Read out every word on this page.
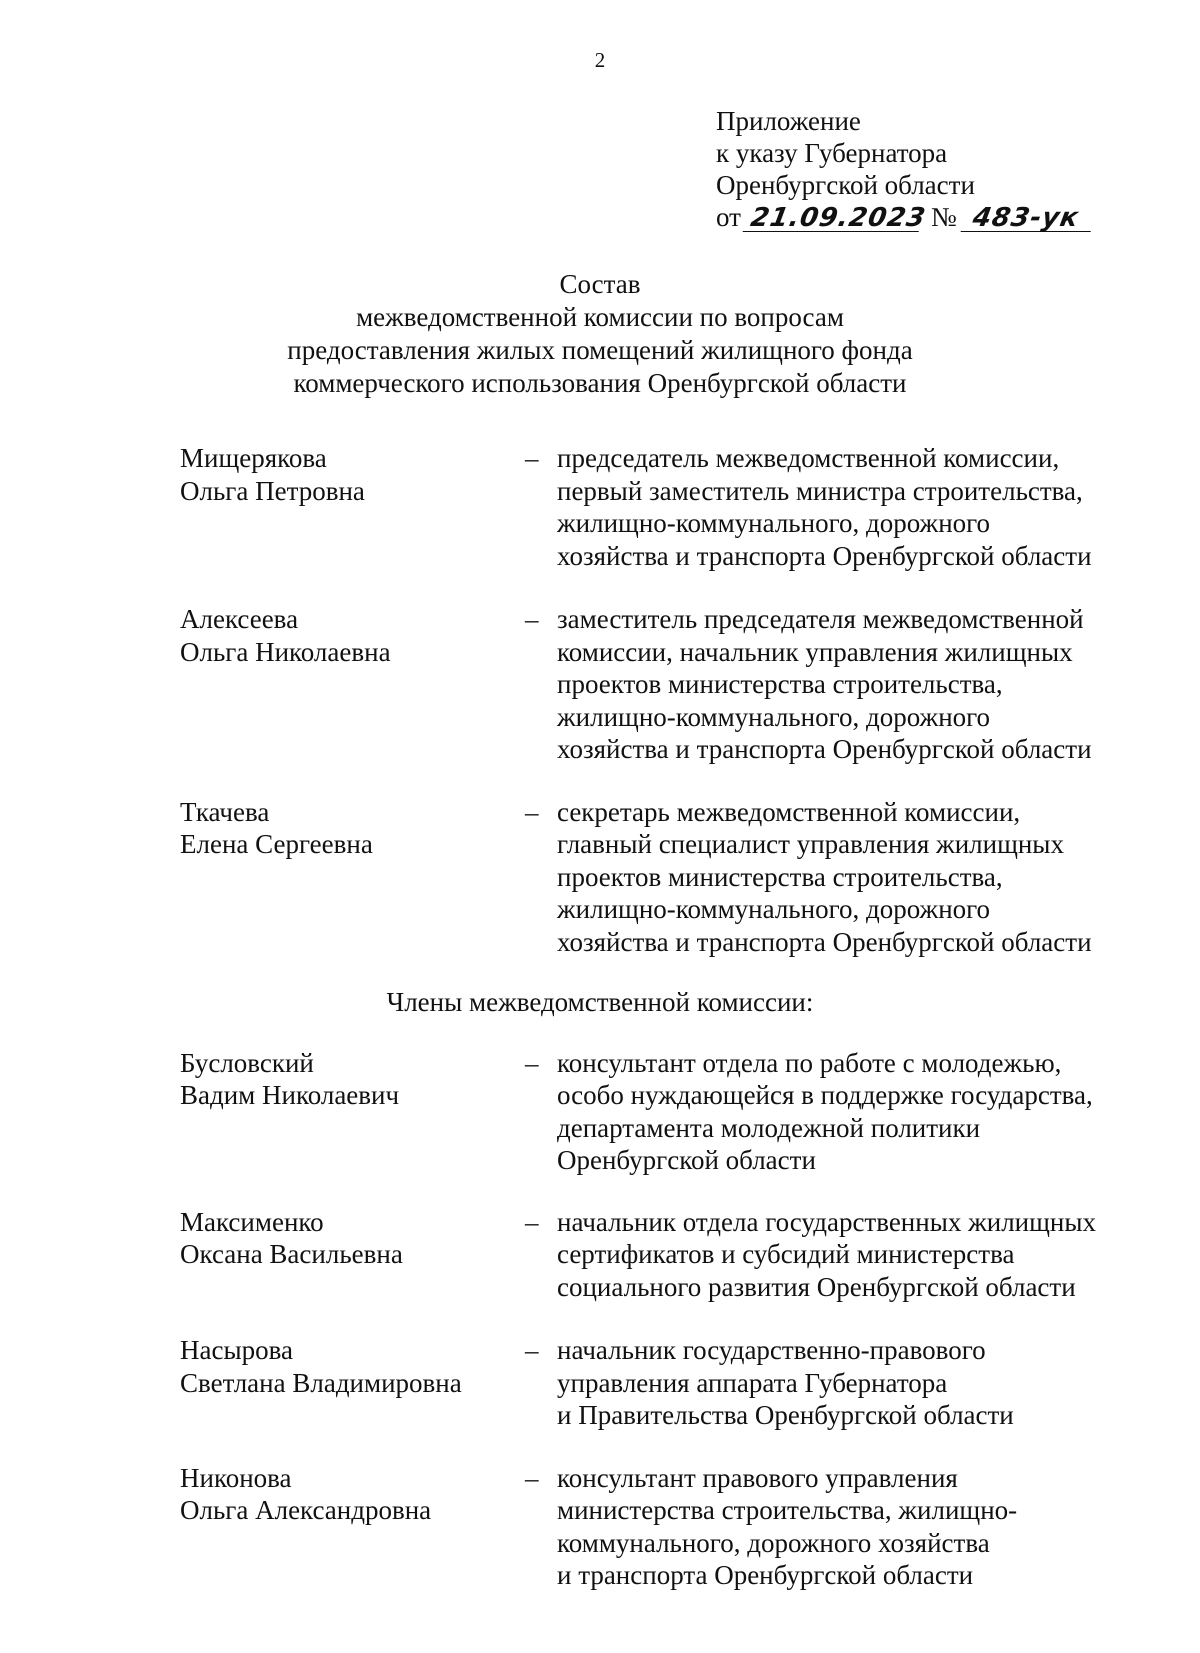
2
Приложение
к указу Губернатора
Оренбургской области
от 21.09.2023 № 483-ук
Состав
межведомственной комиссии по вопросам
предоставления жилых помещений жилищного фонда
коммерческого использования Оренбургской области
Мищерякова
Ольга Петровна
– председатель межведомственной комиссии,
первый заместитель министра строительства,
жилищно-коммунального, дорожного
хозяйства и транспорта Оренбургской области
Алексеева
Ольга Николаевна
– заместитель председателя межведомственной
комиссии, начальник управления жилищных
проектов министерства строительства,
жилищно-коммунального, дорожного
хозяйства и транспорта Оренбургской области
Ткачева
Елена Сергеевна
– секретарь межведомственной комиссии,
главный специалист управления жилищных
проектов министерства строительства,
жилищно-коммунального, дорожного
хозяйства и транспорта Оренбургской области
Члены межведомственной комиссии:
Бусловский
Вадим Николаевич
– консультант отдела по работе с молодежью,
особо нуждающейся в поддержке государства,
департамента молодежной политики
Оренбургской области
Максименко
Оксана Васильевна
– начальник отдела государственных жилищных
сертификатов и субсидий министерства
социального развития Оренбургской области
Насырова
Светлана Владимировна
– начальник государственно-правового
управления аппарата Губернатора
и Правительства Оренбургской области
Никонова
Ольга Александровна
– консультант правового управления
министерства строительства, жилищно-
коммунального, дорожного хозяйства
и транспорта Оренбургской области
